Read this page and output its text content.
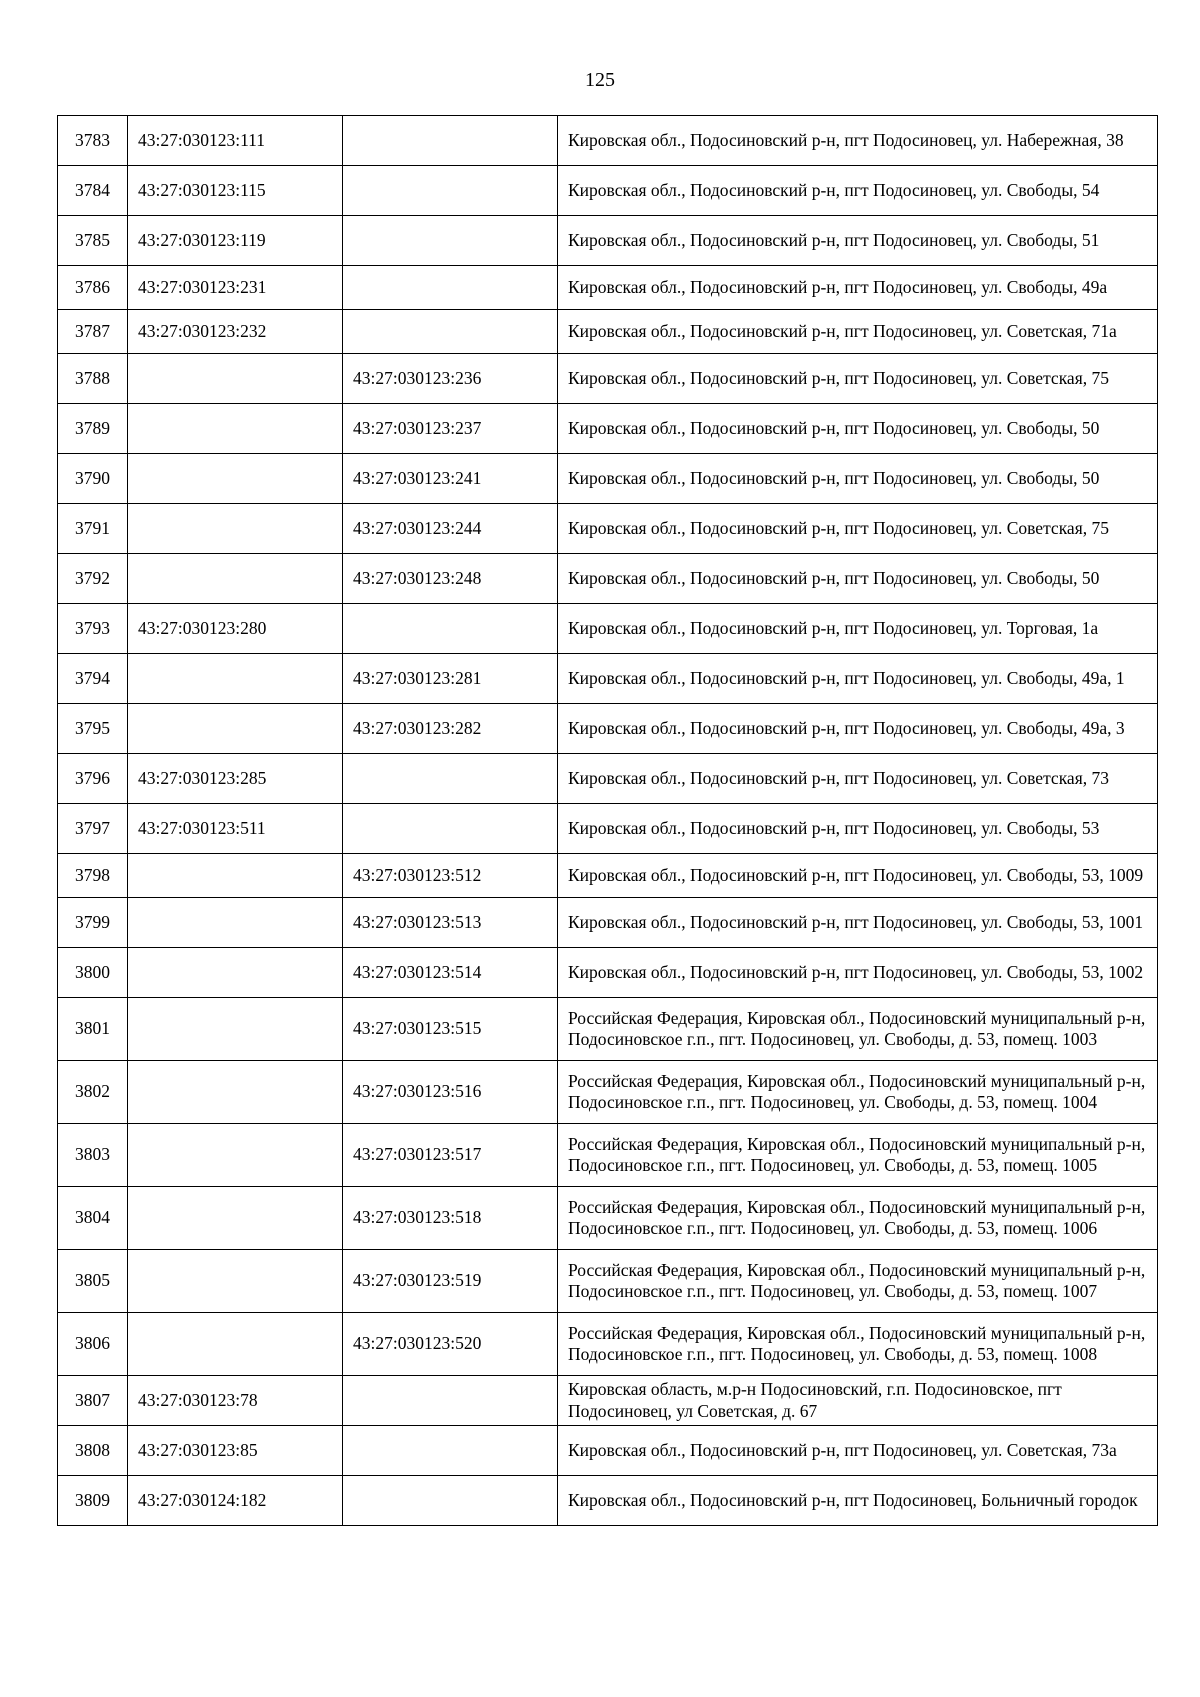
125
3783	43:27:030123:111		Кировская обл., Подосиновский р-н, пгт Подосиновец, ул. Набережная, 38
3784	43:27:030123:115		Кировская обл., Подосиновский р-н, пгт Подосиновец, ул. Свободы, 54
3785	43:27:030123:119		Кировская обл., Подосиновский р-н, пгт Подосиновец, ул. Свободы, 51
3786	43:27:030123:231		Кировская обл., Подосиновский р-н, пгт Подосиновец, ул. Свободы, 49а
3787	43:27:030123:232		Кировская обл., Подосиновский р-н, пгт Подосиновец, ул. Советская, 71а
3788		43:27:030123:236	Кировская обл., Подосиновский р-н, пгт Подосиновец, ул. Советская, 75
3789		43:27:030123:237	Кировская обл., Подосиновский р-н, пгт Подосиновец, ул. Свободы, 50
3790		43:27:030123:241	Кировская обл., Подосиновский р-н, пгт Подосиновец, ул. Свободы, 50
3791		43:27:030123:244	Кировская обл., Подосиновский р-н, пгт Подосиновец, ул. Советская, 75
3792		43:27:030123:248	Кировская обл., Подосиновский р-н, пгт Подосиновец, ул. Свободы, 50
3793	43:27:030123:280		Кировская обл., Подосиновский р-н, пгт Подосиновец, ул. Торговая, 1а
3794		43:27:030123:281	Кировская обл., Подосиновский р-н, пгт Подосиновец, ул. Свободы, 49а, 1
3795		43:27:030123:282	Кировская обл., Подосиновский р-н, пгт Подосиновец, ул. Свободы, 49а, 3
3796	43:27:030123:285		Кировская обл., Подосиновский р-н, пгт Подосиновец, ул. Советская, 73
3797	43:27:030123:511		Кировская обл., Подосиновский р-н, пгт Подосиновец, ул. Свободы, 53
3798		43:27:030123:512	Кировская обл., Подосиновский р-н, пгт Подосиновец, ул. Свободы, 53, 1009
3799		43:27:030123:513	Кировская обл., Подосиновский р-н, пгт Подосиновец, ул. Свободы, 53, 1001
3800		43:27:030123:514	Кировская обл., Подосиновский р-н, пгт Подосиновец, ул. Свободы, 53, 1002
3801		43:27:030123:515	Российская Федерация, Кировская обл., Подосиновский муниципальный р-н, Подосиновское г.п., пгт. Подосиновец, ул. Свободы, д. 53, помещ. 1003
3802		43:27:030123:516	Российская Федерация, Кировская обл., Подосиновский муниципальный р-н, Подосиновское г.п., пгт. Подосиновец, ул. Свободы, д. 53, помещ. 1004
3803		43:27:030123:517	Российская Федерация, Кировская обл., Подосиновский муниципальный р-н, Подосиновское г.п., пгт. Подосиновец, ул. Свободы, д. 53, помещ. 1005
3804		43:27:030123:518	Российская Федерация, Кировская обл., Подосиновский муниципальный р-н, Подосиновское г.п., пгт. Подосиновец, ул. Свободы, д. 53, помещ. 1006
3805		43:27:030123:519	Российская Федерация, Кировская обл., Подосиновский муниципальный р-н, Подосиновское г.п., пгт. Подосиновец, ул. Свободы, д. 53, помещ. 1007
3806		43:27:030123:520	Российская Федерация, Кировская обл., Подосиновский муниципальный р-н, Подосиновское г.п., пгт. Подосиновец, ул. Свободы, д. 53, помещ. 1008
3807	43:27:030123:78		Кировская область, м.р-н Подосиновский, г.п. Подосиновское, пгт Подосиновец, ул Советская, д. 67
3808	43:27:030123:85		Кировская обл., Подосиновский р-н, пгт Подосиновец, ул. Советская, 73а
3809	43:27:030124:182		Кировская обл., Подосиновский р-н, пгт Подосиновец, Больничный городок
